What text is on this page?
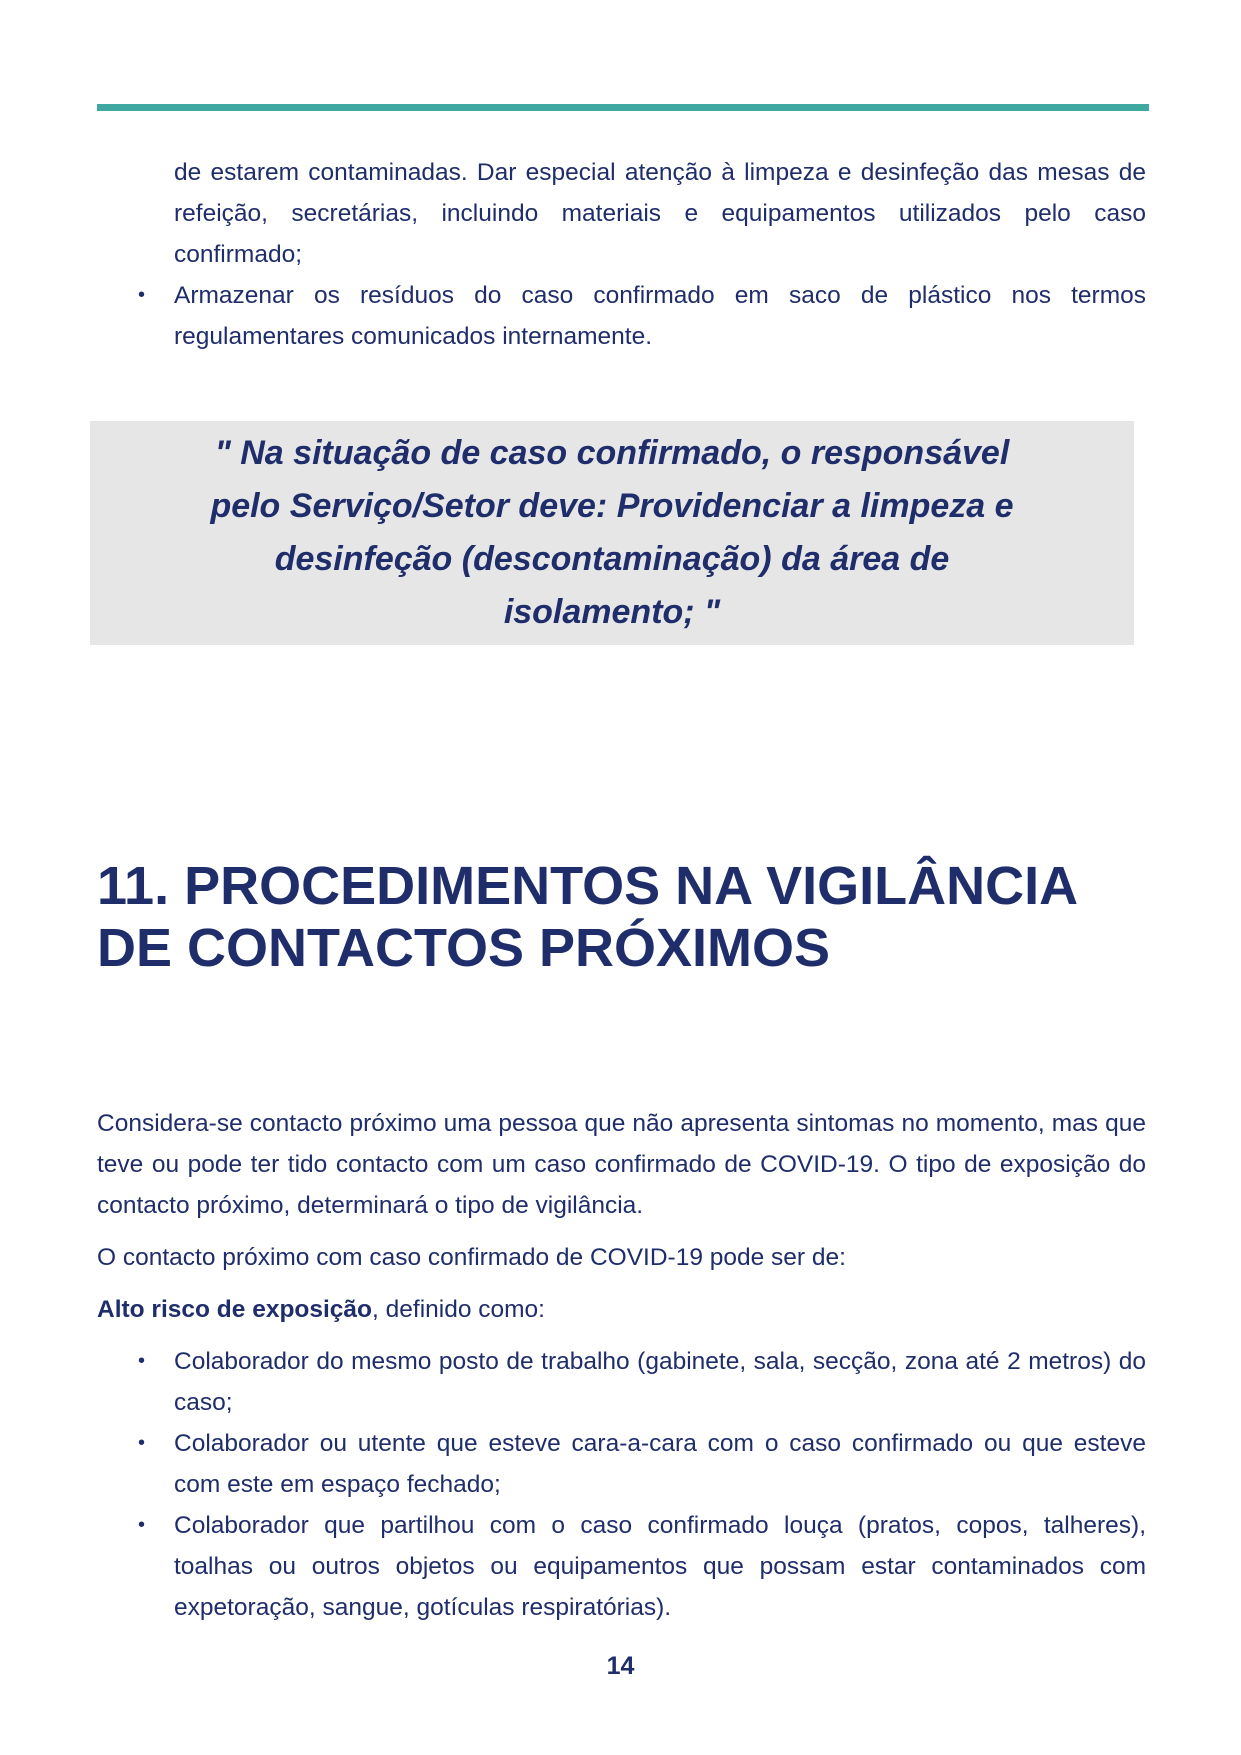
de estarem contaminadas. Dar especial atenção à limpeza e desinfeção das mesas de refeição, secretárias, incluindo materiais e equipamentos utilizados pelo caso confirmado;

• Armazenar os resíduos do caso confirmado em saco de plástico nos termos regulamentares comunicados internamente.
" Na situação de caso confirmado, o responsável pelo Serviço/Setor deve: Providenciar a limpeza e desinfeção (descontaminação) da área de isolamento; "
11. PROCEDIMENTOS NA VIGILÂNCIA
DE CONTACTOS PRÓXIMOS

Considera-se contacto próximo uma pessoa que não apresenta sintomas no momento, mas que teve ou pode ter tido contacto com um caso confirmado de COVID-19. O tipo de exposição do contacto próximo, determinará o tipo de vigilância.

O contacto próximo com caso confirmado de COVID-19 pode ser de:

Alto risco de exposição, definido como:

• Colaborador do mesmo posto de trabalho (gabinete, sala, secção, zona até 2 metros) do caso;
• Colaborador ou utente que esteve cara-a-cara com o caso confirmado ou que esteve com este em espaço fechado;
• Colaborador que partilhou com o caso confirmado louça (pratos, copos, talheres), toalhas ou outros objetos ou equipamentos que possam estar contaminados com expetoração, sangue, gotículas respiratórias).
14
